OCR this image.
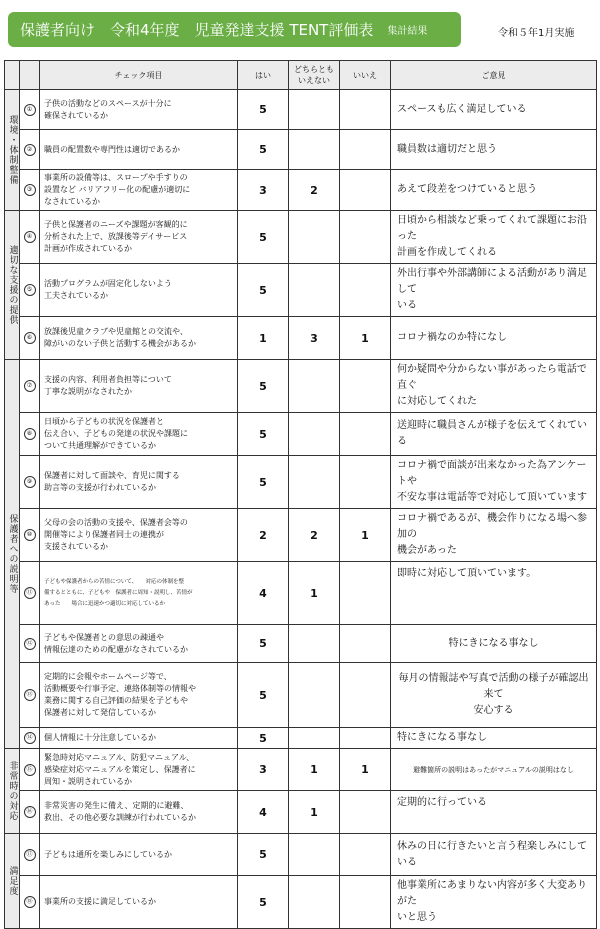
保護者向け　令和4年度　児童発達支援 TENT評価表 集計結果	令和５年1月実施
		チェック項目	はい	どちらとも
いえない	いいえ	ご意見
環境・体制整備	①	子供の活動などのスペースが十分に
確保されているか	5			スペースも広く満足している
	②	職員の配置数や専門性は適切であるか	5			職員数は適切だと思う
	③	事業所の設備等は、スロープや手すりの
設置など バリアフリー化の配慮が適切に
なされているか	3	2		あえて段差をつけていると思う
適切な支援の提供	④	子供と保護者のニーズや課題が客観的に
分析された上で、放課後等デイサービス
計画が作成されているか	5			日頃から相談など乗ってくれて課題にお沿った
計画を作成してくれる
	⑤	活動プログラムが固定化しないよう
工夫されているか	5			外出行事や外部講師による活動があり満足して
いる
	⑥	放課後児童クラブや児童館との交流や、
障がいのない子供と活動する機会があるか	1	3	1	コロナ禍なのか特になし
保護者への説明等	⑦	支援の内容、利用者負担等について
丁寧な説明がなされたか	5			何か疑問や分からない事があったら電話で直ぐ
に対応してくれた
	⑧	日頃から子どもの状況を保護者と
伝え合い、子どもの発達の状況や課題に
ついて共通理解ができているか	5			送迎時に職員さんが様子を伝えてくれている
	⑨	保護者に対して面談や、育児に関する
助言等の支援が行われているか	5			コロナ禍で面談が出来なかった為アンケートや
不安な事は電話等で対応して頂いています
	⑩	父母の会の活動の支援や、保護者会等の
開催等により保護者同士の連携が
支援されているか	2	2	1	コロナ禍であるが、機会作りになる場へ参加の
機会があった
	⑪	子どもや保護者からの苦情について、　　対応の体制を整
備するとともに、子どもや　保護者に周知・説明し、苦情が
あった　　場合に迅速かつ適切に対応しているか	4	1		即時に対応して頂いています。
	⑫	子どもや保護者との意思の疎通や
情報伝達のための配慮がなされているか	5			特にきになる事なし
	⑬	定期的に会報やホームページ等で、
活動概要や行事予定、連絡体制等の情報や
業務に関する自己評価の結果を子どもや
保護者に対して発信しているか	5			毎月の情報誌や写真で活動の様子が確認出来て
安心する
	⑭	個人情報に十分注意しているか	5			特にきになる事なし
非常時の対応	⑮	緊急時対応マニュアル、防犯マニュアル、
感染症対応マニュアルを策定し、保護者に
周知・説明されているか	3	1	1	避難箇所の説明はあったがマニュアルの説明はなし
	⑯	非常災害の発生に備え、定期的に避難、
救出、その他必要な訓練が行われているか	4	1		定期的に行っている
満足度	⑰	子どもは通所を楽しみにしているか	5			休みの日に行きたいと言う程楽しみにしている
	⑱	事業所の支援に満足しているか	5			他事業所にあまりない内容が多く大変ありがた
いと思う
